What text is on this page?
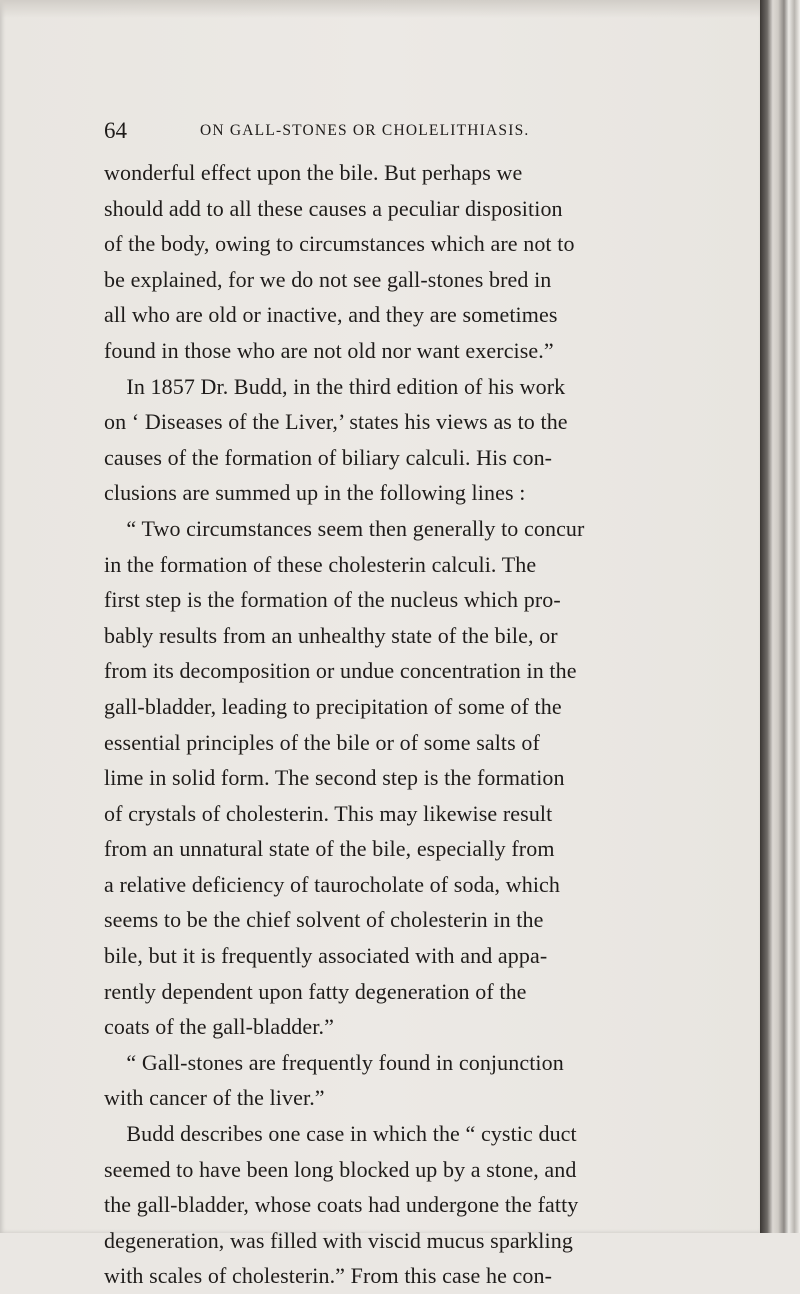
64	ON GALL-STONES OR CHOLELITHIASIS.
wonderful effect upon the bile. But perhaps we
should add to all these causes a peculiar disposition
of the body, owing to circumstances which are not to
be explained, for we do not see gall-stones bred in
all who are old or inactive, and they are sometimes
found in those who are not old nor want exercise.”
In 1857 Dr. Budd, in the third edition of his work
on ‘ Diseases of the Liver,’ states his views as to the
causes of the formation of biliary calculi. His con-
clusions are summed up in the following lines :
“ Two circumstances seem then generally to concur
in the formation of these cholesterin calculi. The
first step is the formation of the nucleus which pro-
bably results from an unhealthy state of the bile, or
from its decomposition or undue concentration in the
gall-bladder, leading to precipitation of some of the
essential principles of the bile or of some salts of
lime in solid form. The second step is the formation
of crystals of cholesterin. This may likewise result
from an unnatural state of the bile, especially from
a relative deficiency of taurocholate of soda, which
seems to be the chief solvent of cholesterin in the
bile, but it is frequently associated with and appa-
rently dependent upon fatty degeneration of the
coats of the gall-bladder.”
“ Gall-stones are frequently found in conjunction
with cancer of the liver.”
Budd describes one case in which the “ cystic duct
seemed to have been long blocked up by a stone, and
the gall-bladder, whose coats had undergone the fatty
degeneration, was filled with viscid mucus sparkling
with scales of cholesterin.” From this case he con-
